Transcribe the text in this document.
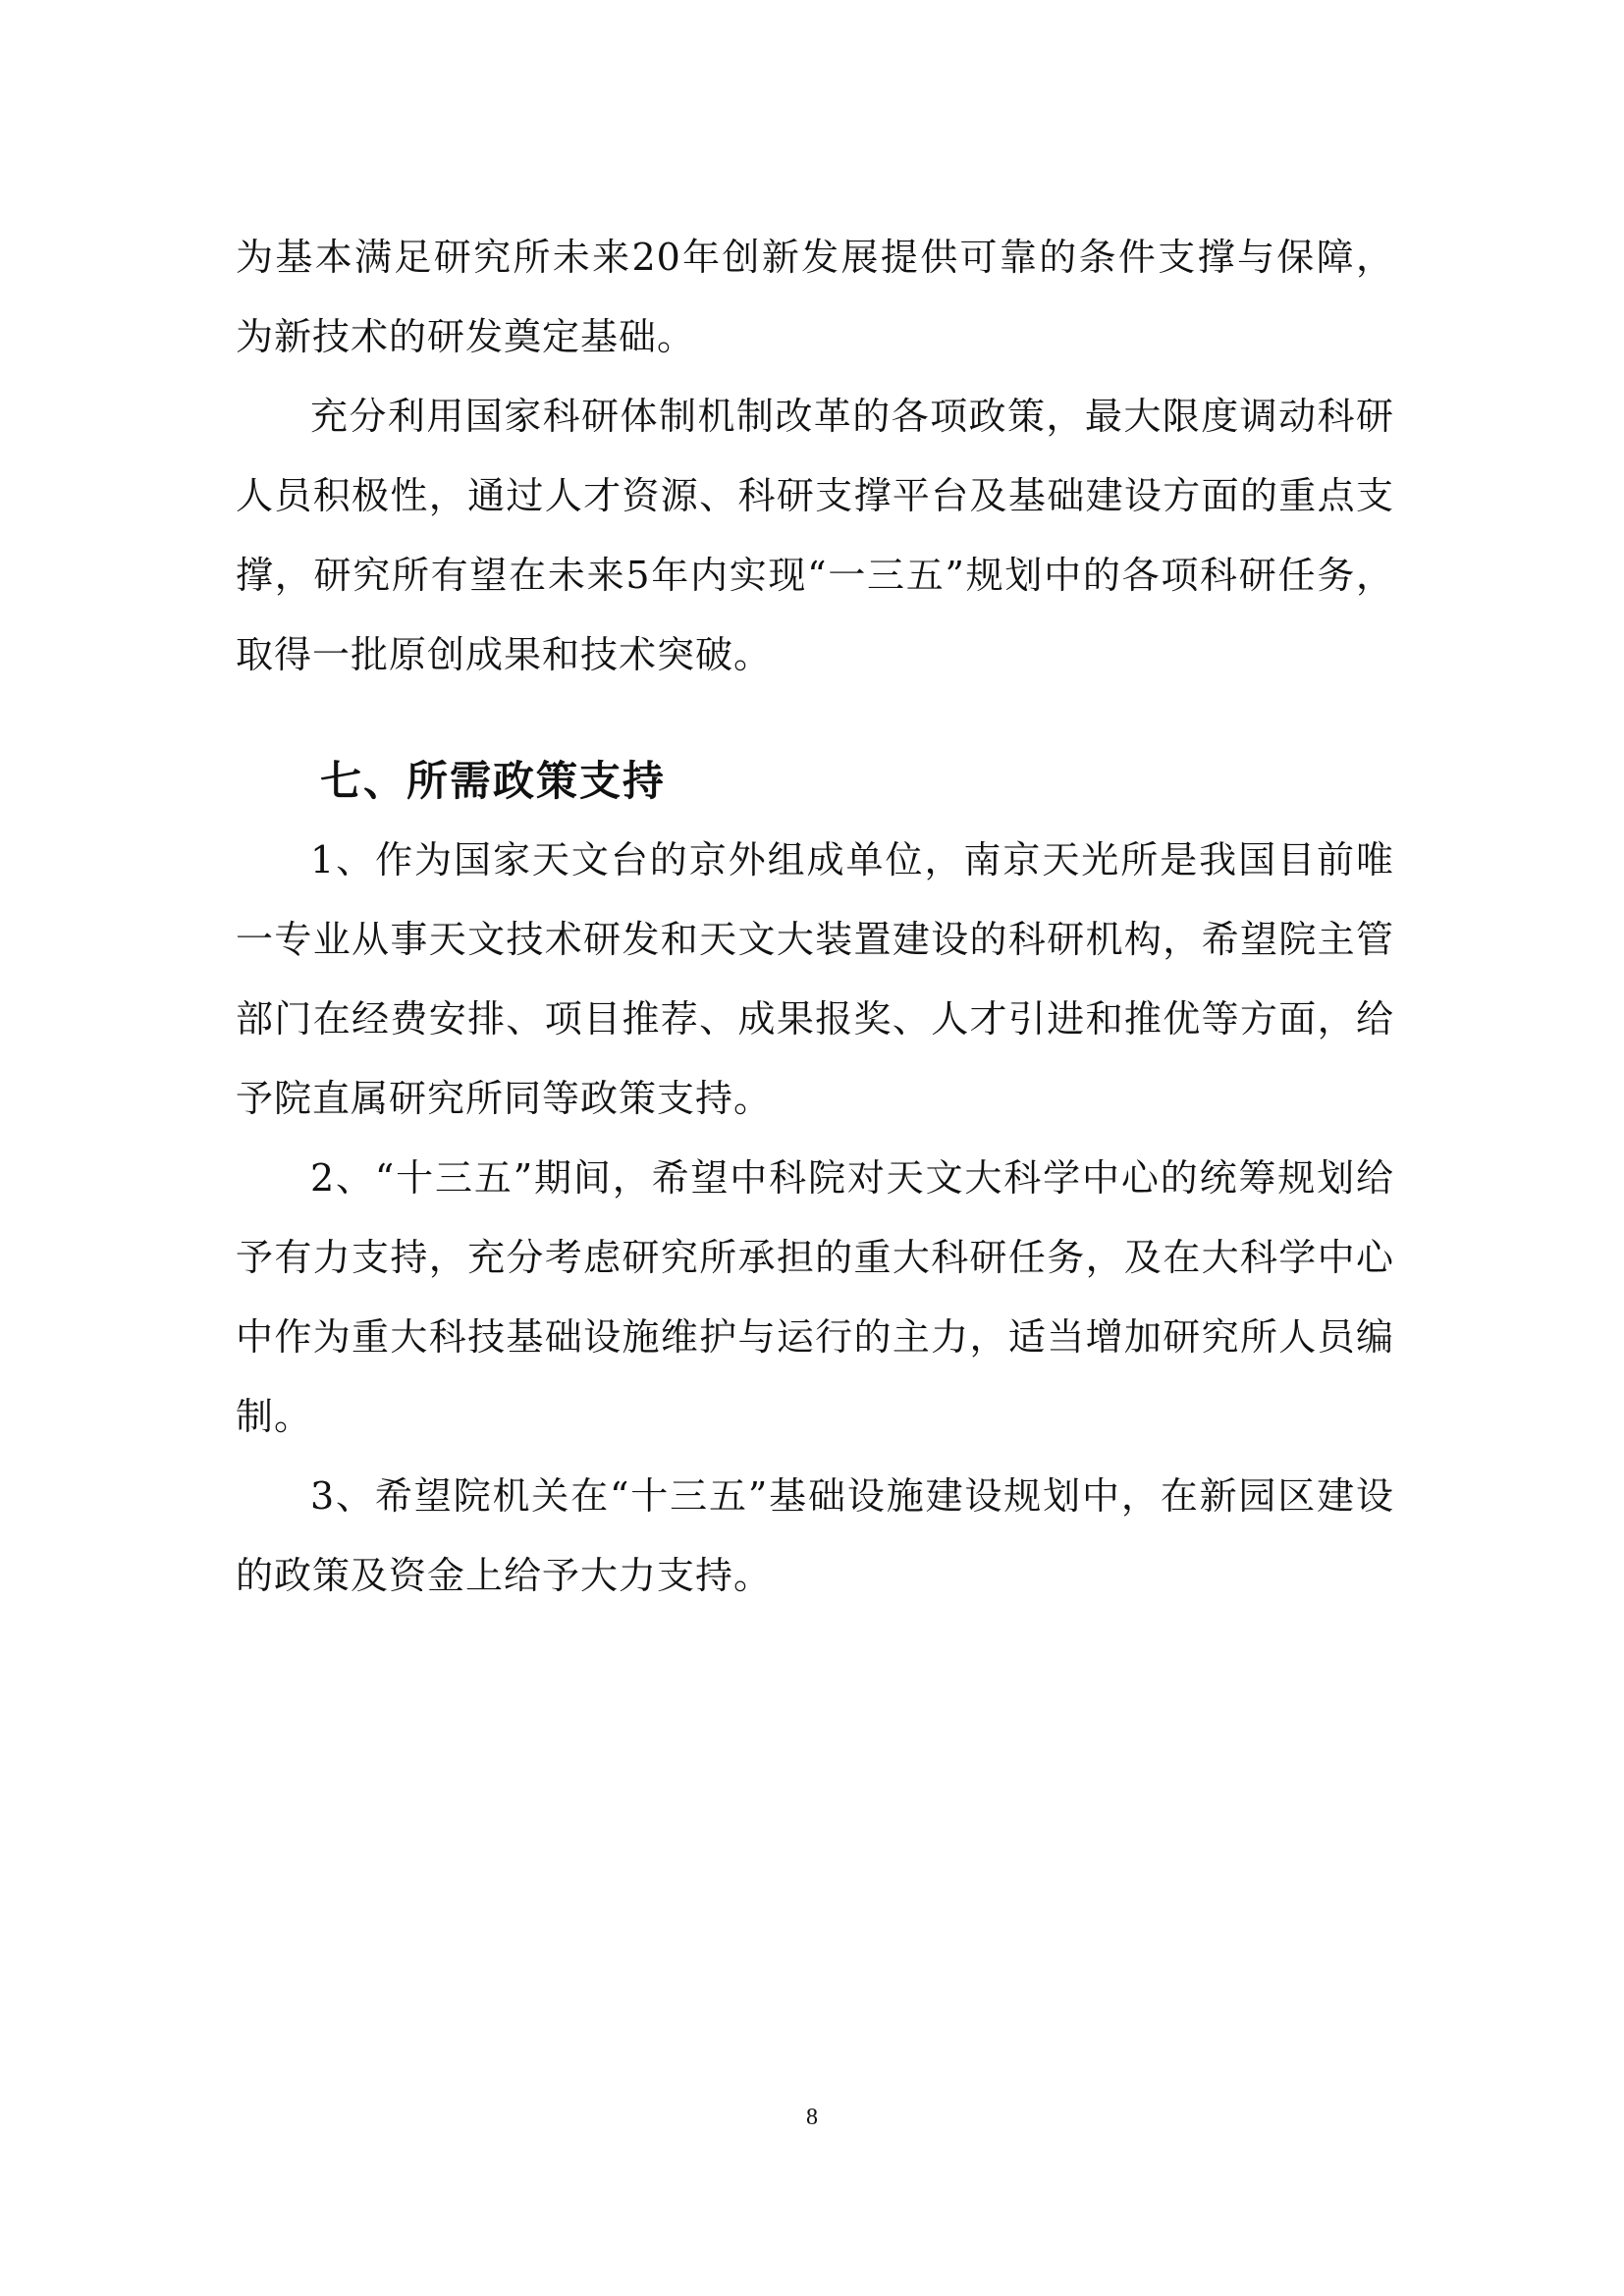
为基本满足研究所未来20年创新发展提供可靠的条件支撑与保障，为新技术的研发奠定基础。

充分利用国家科研体制机制改革的各项政策，最大限度调动科研人员积极性，通过人才资源、科研支撑平台及基础建设方面的重点支撑，研究所有望在未来5年内实现“一三五”规划中的各项科研任务，取得一批原创成果和技术突破。

七、所需政策支持

1、作为国家天文台的京外组成单位，南京天光所是我国目前唯一专业从事天文技术研发和天文大装置建设的科研机构，希望院主管部门在经费安排、项目推荐、成果报奖、人才引进和推优等方面，给予院直属研究所同等政策支持。

2、“十三五”期间，希望中科院对天文大科学中心的统筹规划给予有力支持，充分考虑研究所承担的重大科研任务，及在大科学中心中作为重大科技基础设施维护与运行的主力，适当增加研究所人员编制。

3、希望院机关在“十三五”基础设施建设规划中，在新园区建设的政策及资金上给予大力支持。

8
